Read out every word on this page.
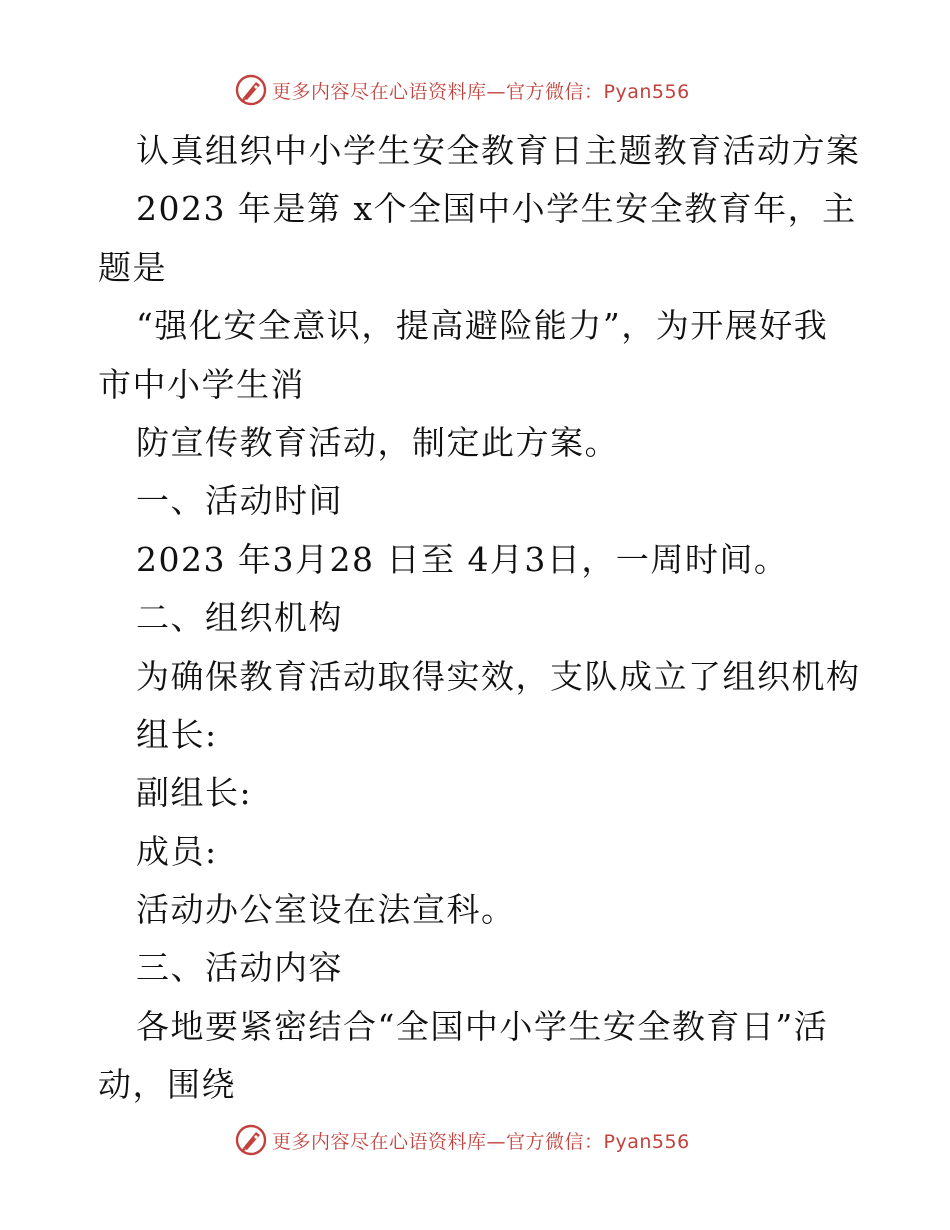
更多内容尽在心语资料库—官方微信：Pyan556
认真组织中小学生安全教育日主题教育活动方案
2023 年是第 x个全国中小学生安全教育年，主
题是
“强化安全意识，提高避险能力”，为开展好我
市中小学生消
防宣传教育活动，制定此方案。
一、活动时间
2023 年3月28 日至 4月3日，一周时间。
二、组织机构
为确保教育活动取得实效，支队成立了组织机构
组长:
副组长:
成员:
活动办公室设在法宣科。
三、活动内容
各地要紧密结合“全国中小学生安全教育日”活
动，围绕
更多内容尽在心语资料库—官方微信：Pyan556
